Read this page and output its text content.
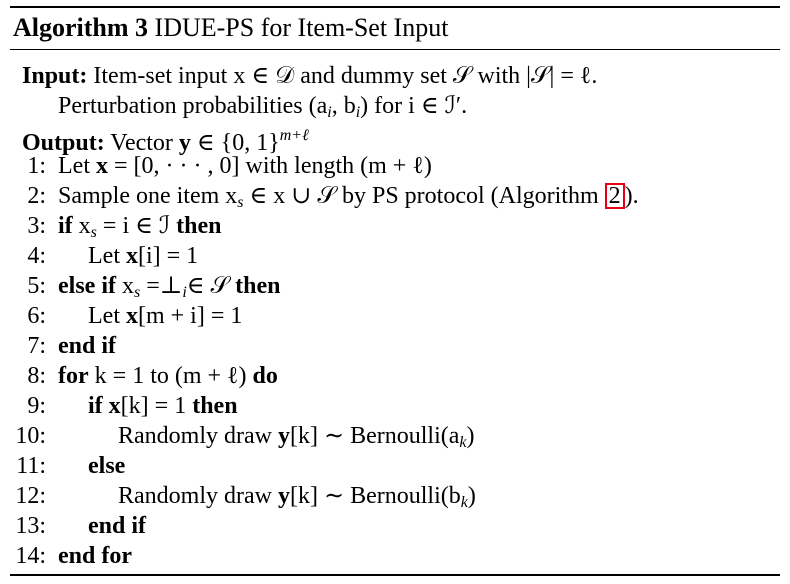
Algorithm 3 IDUE-PS for Item-Set Input
Input: Item-set input x ∈ 𝒟 and dummy set 𝒮 with |𝒮| = ℓ.
Perturbation probabilities ($a_i$, $b_i$) for i ∈ ℐ′.
Output: Vector y ∈ {0, 1}$^{m+\ell}$
1: Let x = [0, · · · , 0] with length (m + ℓ)
2: Sample one item $x_s$ ∈ x ∪ 𝒮 by PS protocol (Algorithm 2 ).
3: if $x_s = i$ ∈ ℐ then
4: Let x[i] = 1
5: else if $x_s$ $=\perp_i\in$ 𝒮 then
6: Let x[m + i] = 1
7: end if
8: for k = 1 to (m + ℓ) do
9: if x[k] = 1 then
10:	Randomly draw y[k] ∼ $Bernoulli(a_k)$
11: else
12:	Randomly draw y[k] ∼ $Bernoulli(b_k)$
13: end if
14: end for
